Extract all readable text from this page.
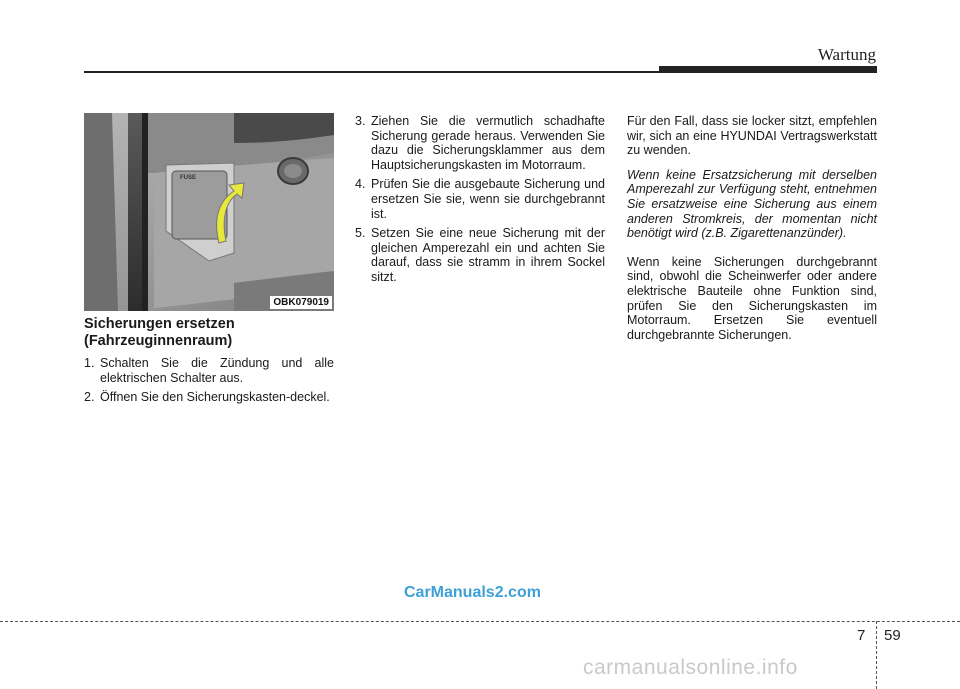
Wartung
FUSE
OBK079019
Sicherungen ersetzen
(Fahrzeuginnenraum)
1. Schalten Sie die Zündung und alle elektrischen Schalter aus.
2. Öffnen Sie den Sicherungskasten-deckel.
3. Ziehen Sie die vermutlich schadhafte Sicherung gerade heraus. Verwenden Sie dazu die Sicherungsklammer aus dem Hauptsicherungskasten im Motorraum.
4. Prüfen Sie die ausgebaute Sicherung und ersetzen Sie sie, wenn sie durchgebrannt ist.
5. Setzen Sie eine neue Sicherung mit der gleichen Amperezahl ein und achten Sie darauf, dass sie stramm in ihrem Sockel sitzt.

Für den Fall, dass sie locker sitzt, empfehlen wir, sich an eine HYUNDAI Vertragswerkstatt zu wenden.

Wenn keine Ersatzsicherung mit derselben Amperezahl zur Verfügung steht, entnehmen Sie ersatzweise eine Sicherung aus einem anderen Stromkreis, der momentan nicht benötigt wird (z.B. Zigarettenanzünder).

Wenn keine Sicherungen durchgebrannt sind, obwohl die Scheinwerfer oder andere elektrische Bauteile ohne Funktion sind, prüfen Sie den Sicherungskasten im Motorraum. Ersetzen Sie eventuell durchgebrannte Sicherungen.

CarManuals2.com
7 59
carmanualsonline.info
